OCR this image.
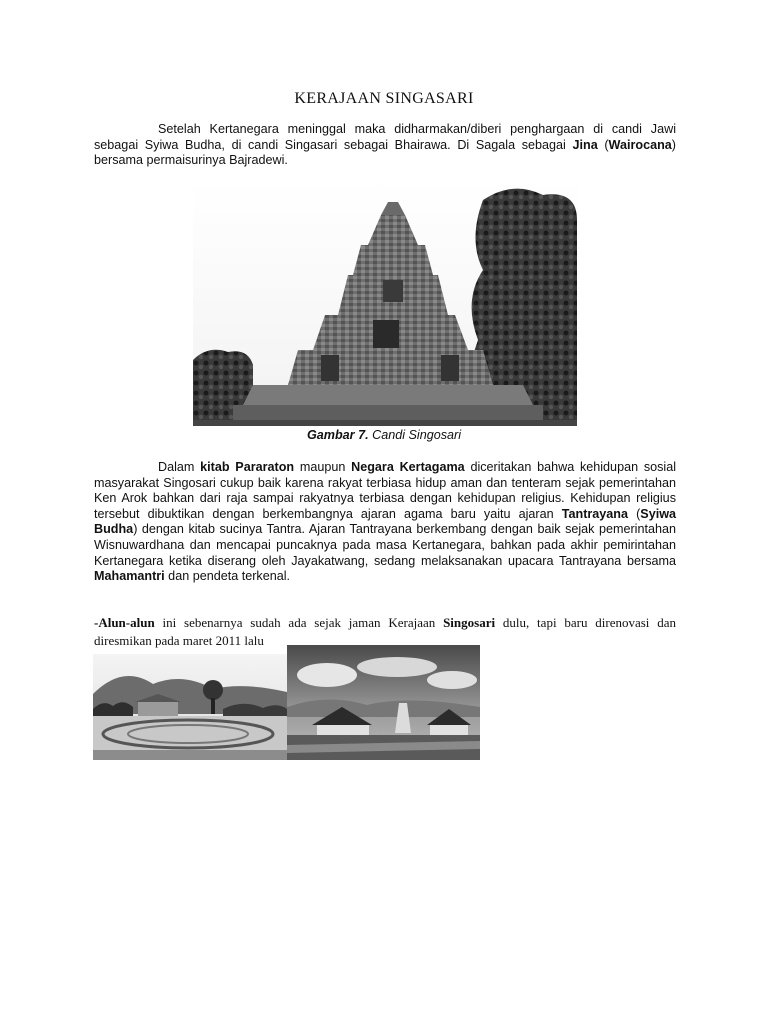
KERAJAAN SINGASARI
Setelah Kertanegara meninggal maka didharmakan/diberi penghargaan di candi Jawi sebagai Syiwa Budha, di candi Singasari sebagai Bhairawa. Di Sagala sebagai Jina (Wairocana) bersama permaisurinya Bajradewi.
Gambar 7. Candi Singosari
Dalam kitab Pararaton maupun Negara Kertagama diceritakan bahwa kehidupan sosial masyarakat Singosari cukup baik karena rakyat terbiasa hidup aman dan tenteram sejak pemerintahan Ken Arok bahkan dari raja sampai rakyatnya terbiasa dengan kehidupan religius. Kehidupan religius tersebut dibuktikan dengan berkembangnya ajaran agama baru yaitu ajaran Tantrayana (Syiwa Budha) dengan kitab sucinya Tantra. Ajaran Tantrayana berkembang dengan baik sejak pemerintahan Wisnuwardhana dan mencapai puncaknya pada masa Kertanegara, bahkan pada akhir pemirintahan Kertanegara ketika diserang oleh Jayakatwang, sedang melaksanakan upacara Tantrayana bersama Mahamantri dan pendeta terkenal.
-Alun-alun ini sebenarnya sudah ada sejak jaman Kerajaan Singosari dulu, tapi baru direnovasi dan diresmikan pada maret 2011 lalu
